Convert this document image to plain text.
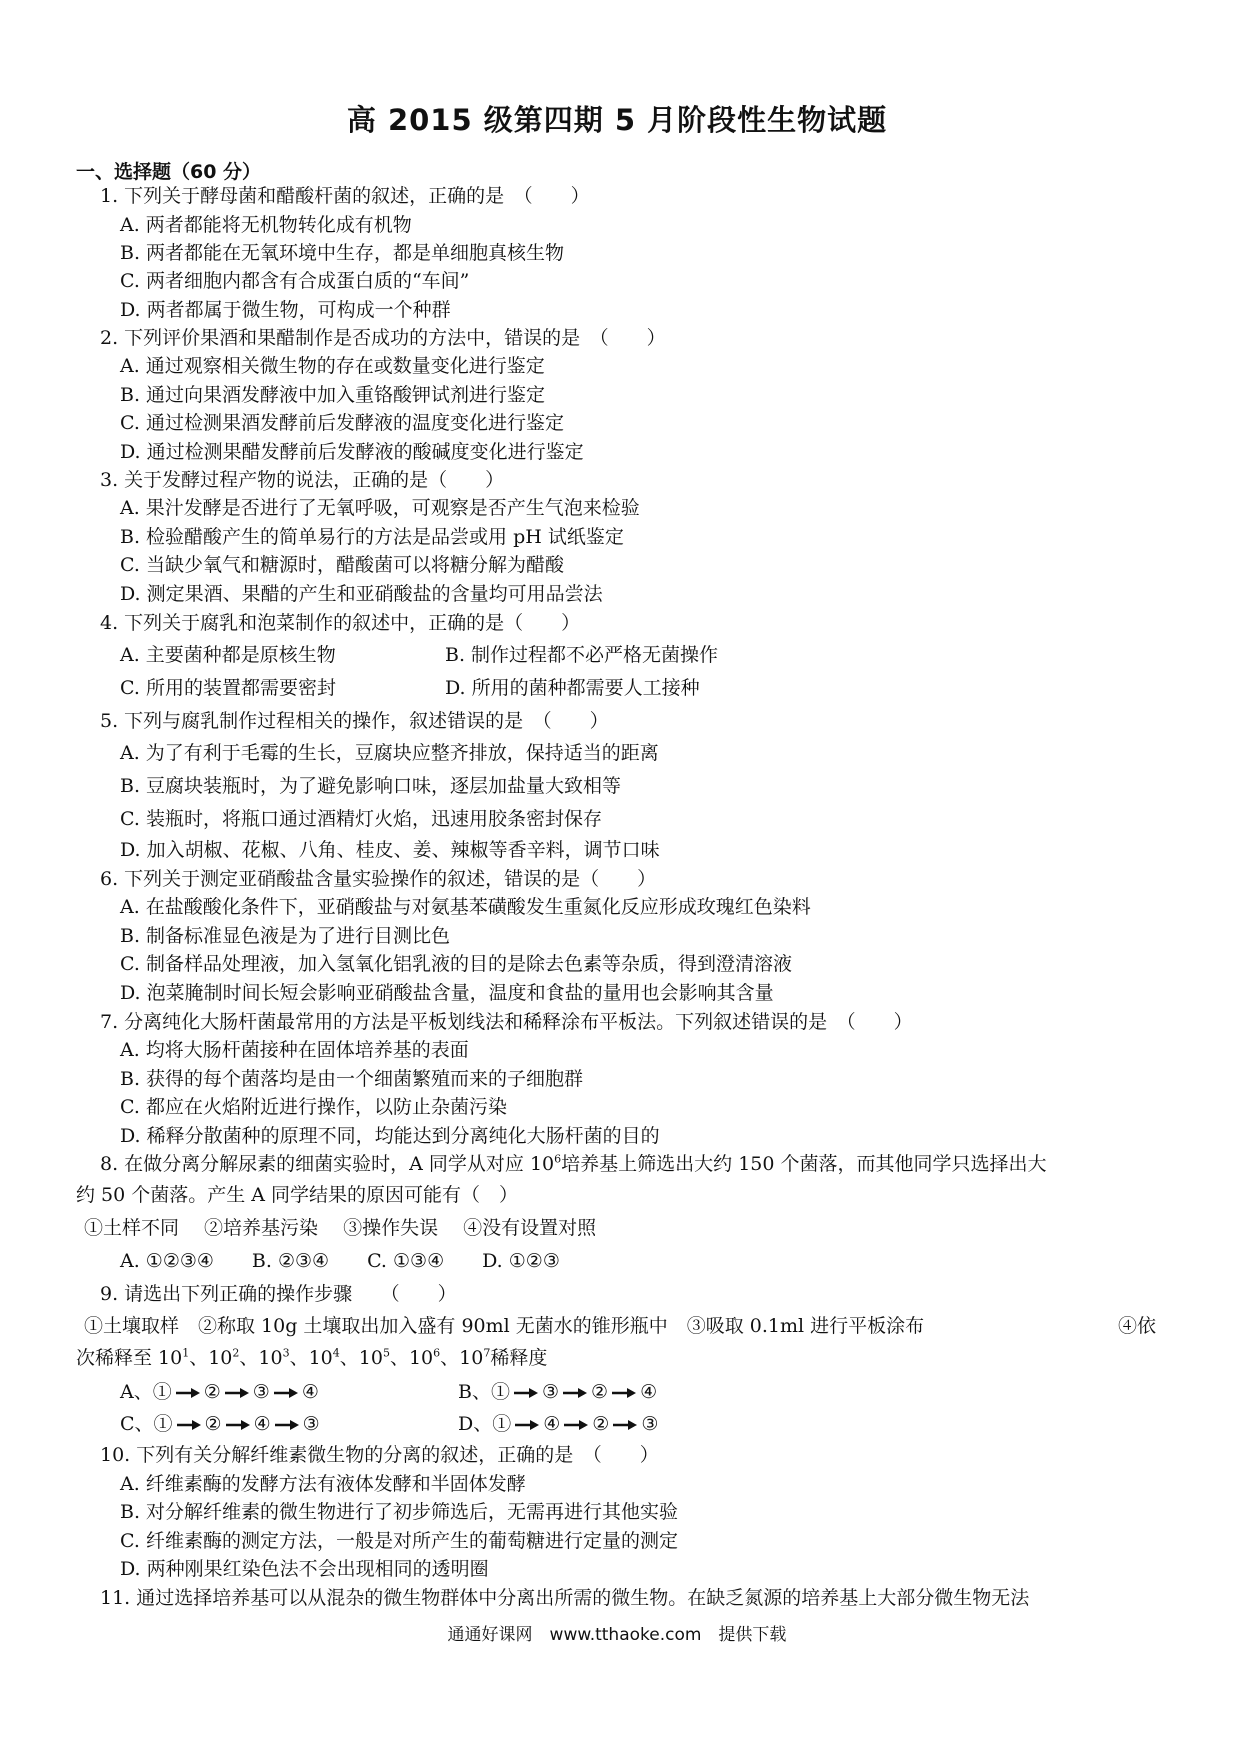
高 2015 级第四期 5 月阶段性生物试题
一、选择题（60 分）
1. 下列关于酵母菌和醋酸杆菌的叙述，正确的是　（　　）
A. 两者都能将无机物转化成有机物
B. 两者都能在无氧环境中生存，都是单细胞真核生物
C. 两者细胞内都含有合成蛋白质的“车间”
D. 两者都属于微生物，可构成一个种群
2. 下列评价果酒和果醋制作是否成功的方法中，错误的是　（　　）
A. 通过观察相关微生物的存在或数量变化进行鉴定
B. 通过向果酒发酵液中加入重铬酸钾试剂进行鉴定
C. 通过检测果酒发酵前后发酵液的温度变化进行鉴定
D. 通过检测果醋发酵前后发酵液的酸碱度变化进行鉴定
3. 关于发酵过程产物的说法，正确的是（　　）
A. 果汁发酵是否进行了无氧呼吸，可观察是否产生气泡来检验
B. 检验醋酸产生的简单易行的方法是品尝或用 pH 试纸鉴定
C. 当缺少氧气和糖源时，醋酸菌可以将糖分解为醋酸
D. 测定果酒、果醋的产生和亚硝酸盐的含量均可用品尝法
4. 下列关于腐乳和泡菜制作的叙述中，正确的是（　　）
A. 主要菌种都是原核生物	B. 制作过程都不必严格无菌操作
C. 所用的装置都需要密封	D. 所用的菌种都需要人工接种
5. 下列与腐乳制作过程相关的操作，叙述错误的是　（　　）
A. 为了有利于毛霉的生长，豆腐块应整齐排放，保持适当的距离
B. 豆腐块装瓶时，为了避免影响口味，逐层加盐量大致相等
C. 装瓶时，将瓶口通过酒精灯火焰，迅速用胶条密封保存
D. 加入胡椒、花椒、八角、桂皮、姜、辣椒等香辛料，调节口味
6. 下列关于测定亚硝酸盐含量实验操作的叙述，错误的是（　　）
A. 在盐酸酸化条件下，亚硝酸盐与对氨基苯磺酸发生重氮化反应形成玫瑰红色染料
B. 制备标准显色液是为了进行目测比色
C. 制备样品处理液，加入氢氧化铝乳液的目的是除去色素等杂质，得到澄清溶液
D. 泡菜腌制时间长短会影响亚硝酸盐含量，温度和食盐的量用也会影响其含量
7. 分离纯化大肠杆菌最常用的方法是平板划线法和稀释涂布平板法。下列叙述错误的是　（　　）
A. 均将大肠杆菌接种在固体培养基的表面
B. 获得的每个菌落均是由一个细菌繁殖而来的子细胞群
C. 都应在火焰附近进行操作，以防止杂菌污染
D. 稀释分散菌种的原理不同，均能达到分离纯化大肠杆菌的目的
8. 在做分离分解尿素的细菌实验时，A 同学从对应 $10^6$培养基上筛选出大约 150 个菌落，而其他同学只选择出大
约 50 个菌落。产生 A 同学结果的原因可能有（　）
①土样不同　 ②培养基污染　 ③操作失误　 ④没有设置对照
A. ①②③④　　B. ②③④　　C. ①③④　　D. ①②③
9. 请选出下列正确的操作步骤　　（　　）
①土壤取样　②称取 10g 土壤取出加入盛有 90ml 无菌水的锥形瓶中　③吸取 0.1ml 进行平板涂布	④依
次稀释至 $10^1$、$10^2$、$10^3$、$10^4$、$10^5$、$10^6$、$10^7$稀释度
A、① ② ③ ④	B、① ③ ② ④
C、① ② ④ ③	D、① ④ ② ③
10. 下列有关分解纤维素微生物的分离的叙述，正确的是　（　　）
A. 纤维素酶的发酵方法有液体发酵和半固体发酵
B. 对分解纤维素的微生物进行了初步筛选后，无需再进行其他实验
C. 纤维素酶的测定方法，一般是对所产生的葡萄糖进行定量的测定
D. 两种刚果红染色法不会出现相同的透明圈
11. 通过选择培养基可以从混杂的微生物群体中分离出所需的微生物。在缺乏氮源的培养基上大部分微生物无法
通通好课网　www.tthaoke.com　提供下载
